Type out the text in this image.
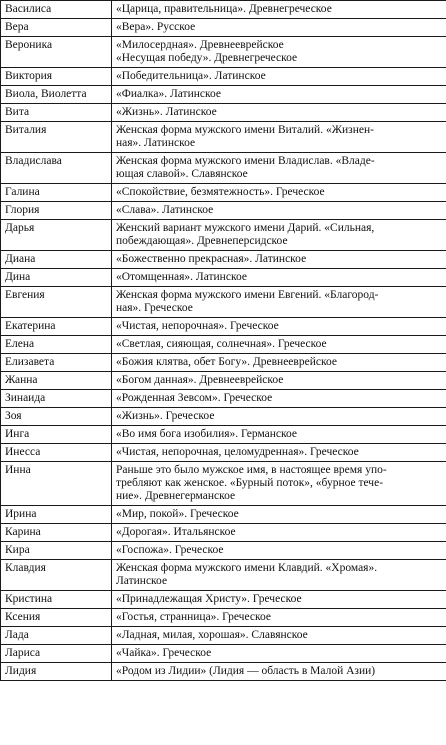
Василиса	«Царица, правительница». Древнегреческое
Вера	«Вера». Русское
Вероника	«Милосердная». Древнееврейское
«Несущая победу». Древнегреческое
Виктория	«Победительница». Латинское
Виола, Виолетта	«Фиалка». Латинское
Вита	«Жизнь». Латинское
Виталия	Женская форма мужского имени Виталий. «Жизнен-
ная». Латинское
Владислава	Женская форма мужского имени Владислав. «Владе-
ющая славой». Славянское
Галина	«Спокойствие, безмятежность». Греческое
Глория	«Слава». Латинское
Дарья	Женский вариант мужского имени Дарий. «Сильная,
побеждающая». Древнеперсидское
Диана	«Божественно прекрасная». Латинское
Дина	«Отомщенная». Латинское
Евгения	Женская форма мужского имени Евгений. «Благород-
ная». Греческое
Екатерина	«Чистая, непорочная». Греческое
Елена	«Светлая, сияющая, солнечная». Греческое
Елизавета	«Божия клятва, обет Богу». Древнееврейское
Жанна	«Богом данная». Древнееврейское
Зинаида	«Рожденная Зевсом». Греческое
Зоя	«Жизнь». Греческое
Инга	«Во имя бога изобилия». Германское
Инесса	«Чистая, непорочная, целомудренная». Греческое
Инна	Раньше это было мужское имя, в настоящее время упо-
требляют как женское. «Бурный поток», «бурное тече-
ние». Древнегерманское
Ирина	«Мир, покой». Греческое
Карина	«Дорогая». Итальянское
Кира	«Госпожа». Греческое
Клавдия	Женская форма мужского имени Клавдий. «Хромая».
Латинское
Кристина	«Принадлежащая Христу». Греческое
Ксения	«Гостья, странница». Греческое
Лада	«Ладная, милая, хорошая». Славянское
Лариса	«Чайка». Греческое
Лидия	«Родом из Лидии» (Лидия — область в Малой Азии)
